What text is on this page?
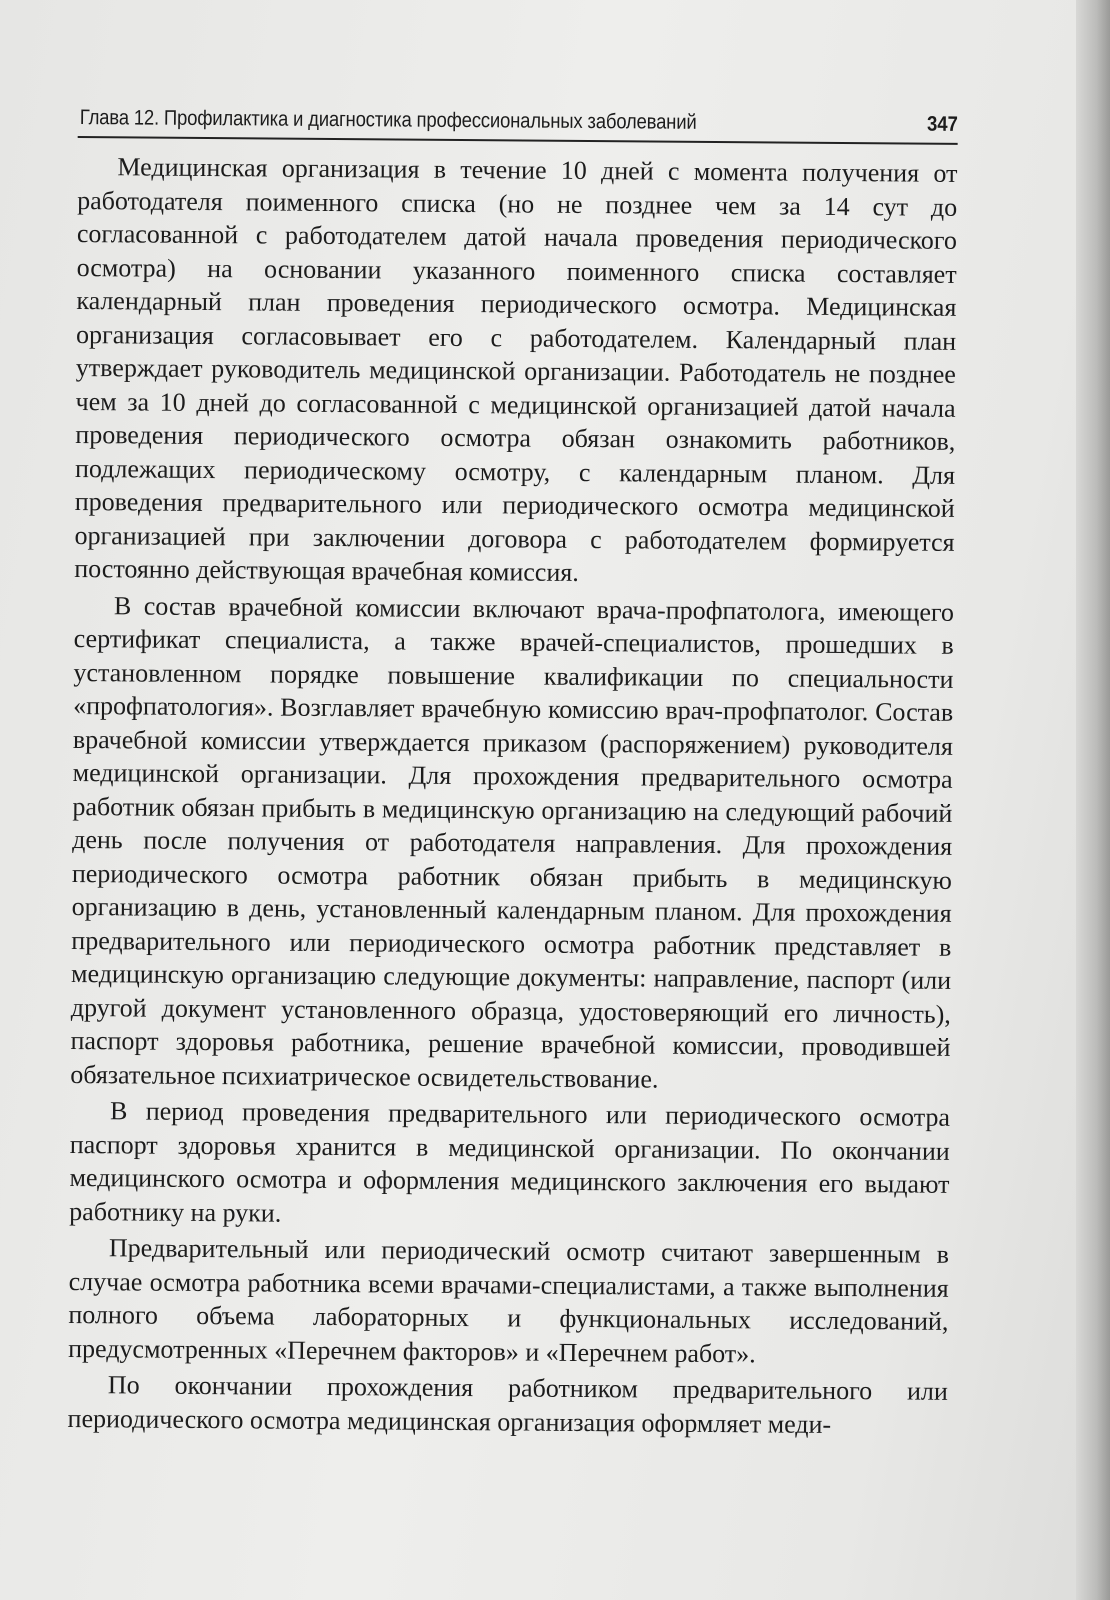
Глава 12. Профилактика и диагностика профессиональных заболеваний	347

Медицинская организация в течение 10 дней с момента получения от работодателя поименного списка (но не позднее чем за 14 сут до согласованной с работодателем датой начала проведения периодического осмотра) на основании указанного поименного списка составляет календарный план проведения периодического осмотра. Медицинская организация согласовывает его с работодателем. Календарный план утверждает руководитель медицинской организации. Работодатель не позднее чем за 10 дней до согласованной с медицинской организацией датой начала проведения периодического осмотра обязан ознакомить работников, подлежащих периодическому осмотру, с календарным планом. Для проведения предварительного или периодического осмотра медицинской организацией при заключении договора с работодателем формируется постоянно действующая врачебная комиссия.

В состав врачебной комиссии включают врача-профпатолога, имеющего сертификат специалиста, а также врачей-специалистов, прошедших в установленном порядке повышение квалификации по специальности «профпатология». Возглавляет врачебную комиссию врач-профпатолог. Состав врачебной комиссии утверждается приказом (распоряжением) руководителя медицинской организации. Для прохождения предварительного осмотра работник обязан прибыть в медицинскую организацию на следующий рабочий день после получения от работодателя направления. Для прохождения периодического осмотра работник обязан прибыть в медицинскую организацию в день, установленный календарным планом. Для прохождения предварительного или периодического осмотра работник представляет в медицинскую организацию следующие документы: направление, паспорт (или другой документ установленного образца, удостоверяющий его личность), паспорт здоровья работника, решение врачебной комиссии, проводившей обязательное психиатрическое освидетельствование.

В период проведения предварительного или периодического осмотра паспорт здоровья хранится в медицинской организации. По окончании медицинского осмотра и оформления медицинского заключения его выдают работнику на руки.

Предварительный или периодический осмотр считают завершенным в случае осмотра работника всеми врачами-специалистами, а также выполнения полного объема лабораторных и функциональных исследований, предусмотренных «Перечнем факторов» и «Перечнем работ».

По окончании прохождения работником предварительного или периодического осмотра медицинская организация оформляет меди-
